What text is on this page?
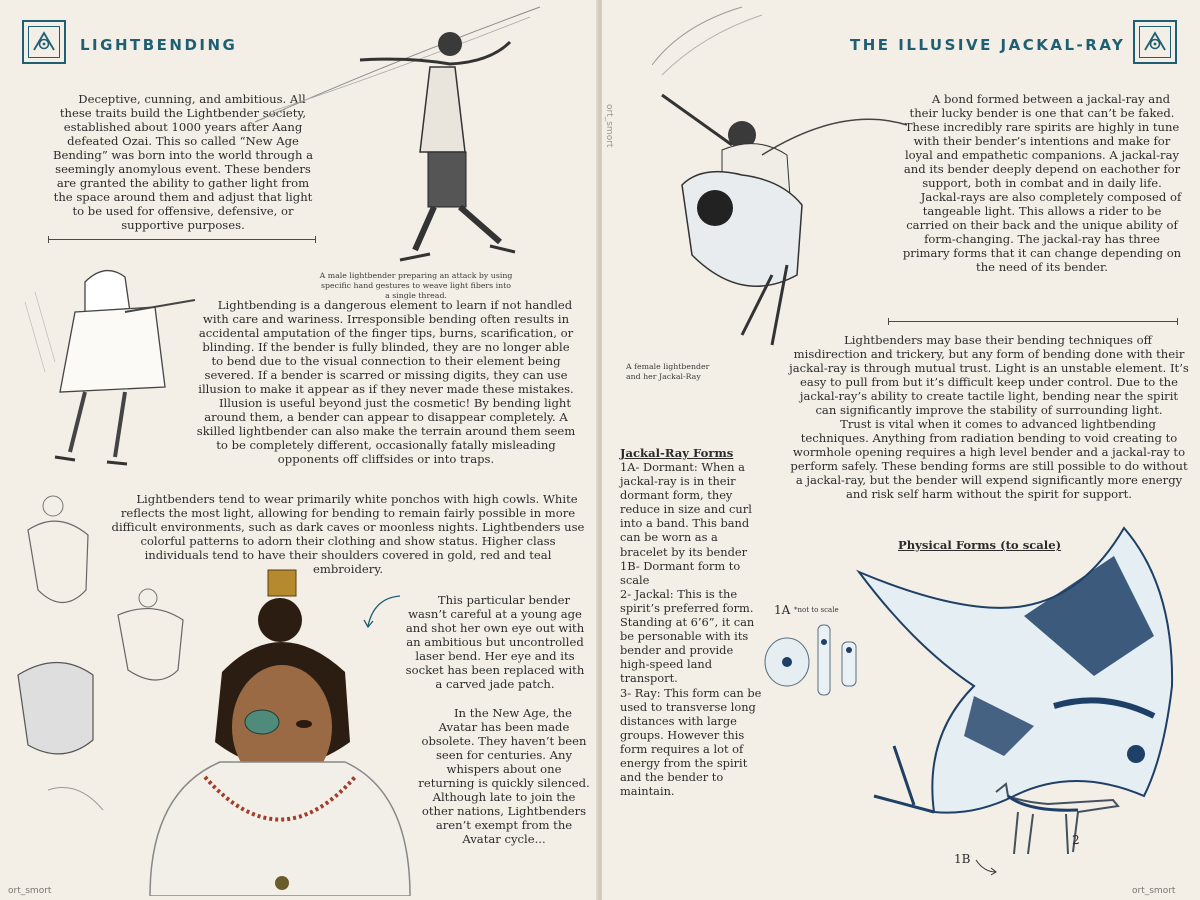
LIGHTBENDING

Deceptive, cunning, and ambitious. All these traits build the Lightbender society, established about 1000 years after Aang defeated Ozai. This so called “New Age Bending” was born into the world through a seemingly anomylous event. These benders are granted the ability to gather light from the space around them and adjust that light to be used for offensive, defensive, or supportive purposes.

A male lightbender preparing an attack by using specific hand gestures to weave light fibers into a single thread.

Lightbending is a dangerous element to learn if not handled with care and wariness. Irresponsible bending often results in accidental amputation of the finger tips, burns, scarification, or blinding. If the bender is fully blinded, they are no longer able to bend due to the visual connection to their element being severed. If a bender is scarred or missing digits, they can use illusion to make it appear as if they never made these mistakes.

Illusion is useful beyond just the cosmetic! By bending light around them, a bender can appear to disappear completely. A skilled lightbender can also make the terrain around them seem to be completely different, occasionally fatally misleading opponents off cliffsides or into traps.

Lightbenders tend to wear primarily white ponchos with high cowls. White reflects the most light, allowing for bending to remain fairly possible in more difficult environments, such as dark caves or moonless nights. Lightbenders use colorful patterns to adorn their clothing and show status. Higher class individuals tend to have their shoulders covered in gold, red and teal embroidery.

This particular bender wasn’t careful at a young age and shot her own eye out with an ambitious but uncontrolled laser bend. Her eye and its socket has been replaced with a carved jade patch.

In the New Age, the Avatar has been made obsolete. They haven’t been seen for centuries. Any whispers about one returning is quickly silenced. Although late to join the other nations, Lightbenders aren’t exempt from the Avatar cycle...

ort_smort
ort_smort
THE ILLUSIVE JACKAL-RAY

A bond formed between a jackal-ray and their lucky bender is one that can’t be faked. These incredibly rare spirits are highly in tune with their bender’s intentions and make for loyal and empathetic companions. A jackal-ray and its bender deeply depend on eachother for support, both in combat and in daily life.

Jackal-rays are also completely composed of tangeable light. This allows a rider to be carried on their back and the unique ability of form-changing. The jackal-ray has three primary forms that it can change depending on the need of its bender.

A female lightbender and her Jackal-Ray

Lightbenders may base their bending techniques off misdirection and trickery, but any form of bending done with their jackal-ray is through mutual trust. Light is an unstable element. It’s easy to pull from but it’s difficult keep under control. Due to the jackal-ray’s ability to create tactile light, bending near the spirit can significantly improve the stability of surrounding light.

Trust is vital when it comes to advanced lightbending techniques. Anything from radiation bending to void creating to wormhole opening requires a high level bender and a jackal-ray to perform safely. These bending forms are still possible to do without a jackal-ray, but the bender will expend significantly more energy and risk self harm without the spirit for support.

Jackal-Ray Forms
1A- Dormant: When a jackal-ray is in their dormant form, they reduce in size and curl into a band. This band can be worn as a bracelet by its bender
1B- Dormant form to scale
2- Jackal: This is the spirit’s preferred form. Standing at 6’6”, it can be personable with its bender and provide high-speed land transport.
3- Ray: This form can be used to transverse long distances with large groups. However this form requires a lot of energy from the spirit and the bender to maintain.
Physical Forms (to scale)
1A *not to scale
2
1B
ort_smort
